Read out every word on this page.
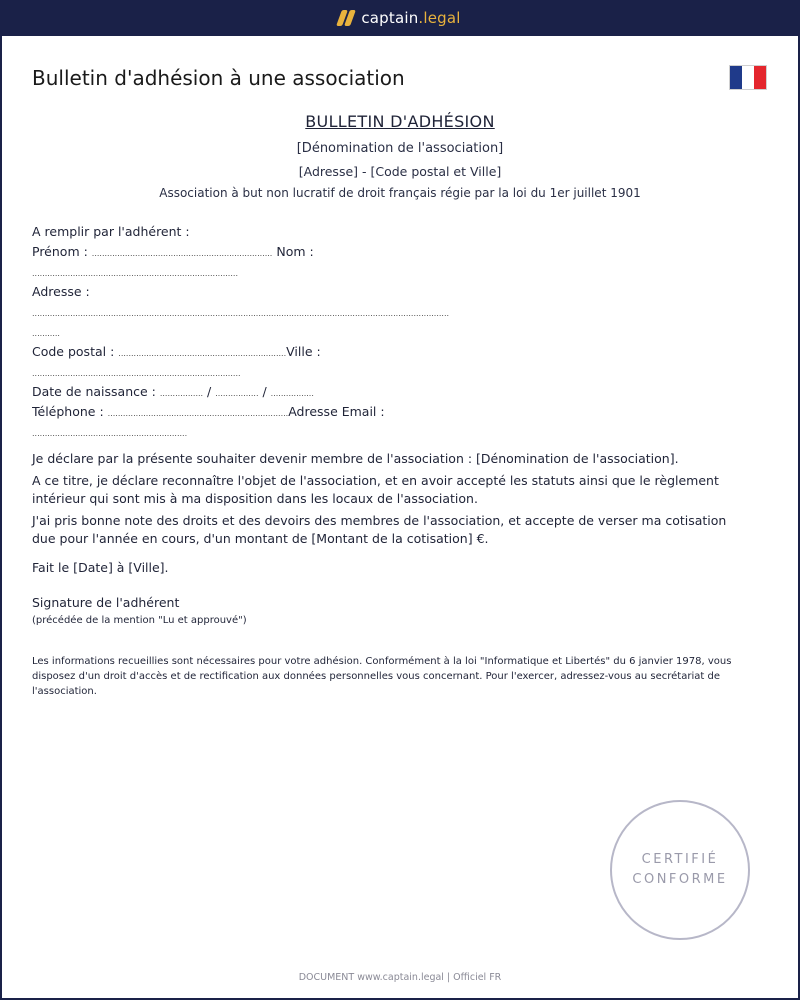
captain.legal
Bulletin d'adhésion à une association
BULLETIN D'ADHÉSION
[Dénomination de l'association]
[Adresse] - [Code postal et Ville]
Association à but non lucratif de droit français régie par la loi du 1er juillet 1901
A remplir par l'adhérent :
Prénom : ....................................................................... Nom :
.................................................................................
Adresse :
....................................................................................................................................................................
...........
Code postal : ..................................................................Ville :
..................................................................................
Date de naissance : ................. / ................. / .................
Téléphone : .......................................................................Adresse Email :
.............................................................
Je déclare par la présente souhaiter devenir membre de l'association : [Dénomination de l'association].
A ce titre, je déclare reconnaître l'objet de l'association, et en avoir accepté les statuts ainsi que le règlement intérieur qui sont mis à ma disposition dans les locaux de l'association.
J'ai pris bonne note des droits et des devoirs des membres de l'association, et accepte de verser ma cotisation due pour l'année en cours, d'un montant de [Montant de la cotisation] €.
Fait le [Date] à [Ville].
Signature de l'adhérent
(précédée de la mention "Lu et approuvé")
Les informations recueillies sont nécessaires pour votre adhésion. Conformément à la loi "Informatique et Libertés" du 6 janvier 1978, vous disposez d'un droit d'accès et de rectification aux données personnelles vous concernant. Pour l'exercer, adressez-vous au secrétariat de l'association.
CERTIFIÉ
CONFORME
DOCUMENT www.captain.legal | Officiel FR
